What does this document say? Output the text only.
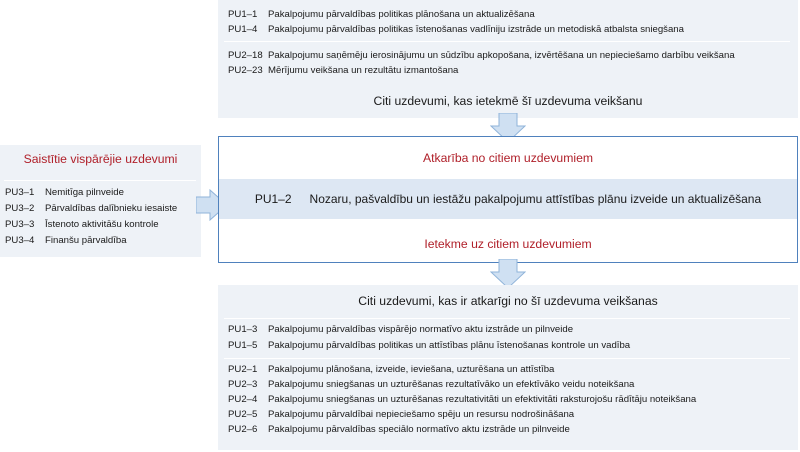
PU1–1 Pakalpojumu pārvaldības politikas plānošana un aktualizēšana
PU1–4 Pakalpojumu pārvaldības politikas īstenošanas vadlīniju izstrāde un metodiskā atbalsta sniegšana
PU2–18 Pakalpojumu saņēmēju ierosinājumu un sūdzību apkopošana, izvērtēšana un nepieciešamo darbību veikšana
PU2–23 Mērījumu veikšana un rezultātu izmantošana
Citi uzdevumi, kas ietekmē šī uzdevuma veikšanu
Saistītie vispārējie uzdevumi
PU3–1 Nemitīga pilnveide
PU3–2 Pārvaldības dalībnieku iesaiste
PU3–3 Īstenoto aktivitāšu kontrole
PU3–4 Finanšu pārvaldība
Atkarība no citiem uzdevumiem
PU1–2 Nozaru, pašvaldību un iestāžu pakalpojumu attīstības plānu izveide un aktualizēšana
Ietekme uz citiem uzdevumiem
Citi uzdevumi, kas ir atkarīgi no šī uzdevuma veikšanas
PU1–3 Pakalpojumu pārvaldības vispārējo normatīvo aktu izstrāde un pilnveide
PU1–5 Pakalpojumu pārvaldības politikas un attīstības plānu īstenošanas kontrole un vadība
PU2–1 Pakalpojumu plānošana, izveide, ieviešana, uzturēšana un attīstība
PU2–3 Pakalpojumu sniegšanas un uzturēšanas rezultatīvāko un efektīvāko veidu noteikšana
PU2–4 Pakalpojumu sniegšanas un uzturēšanas rezultativitāti un efektivitāti raksturojošu rādītāju noteikšana
PU2–5 Pakalpojumu pārvaldībai nepieciešamo spēju un resursu nodrošināšana
PU2–6 Pakalpojumu pārvaldības speciālo normatīvo aktu izstrāde un pilnveide
